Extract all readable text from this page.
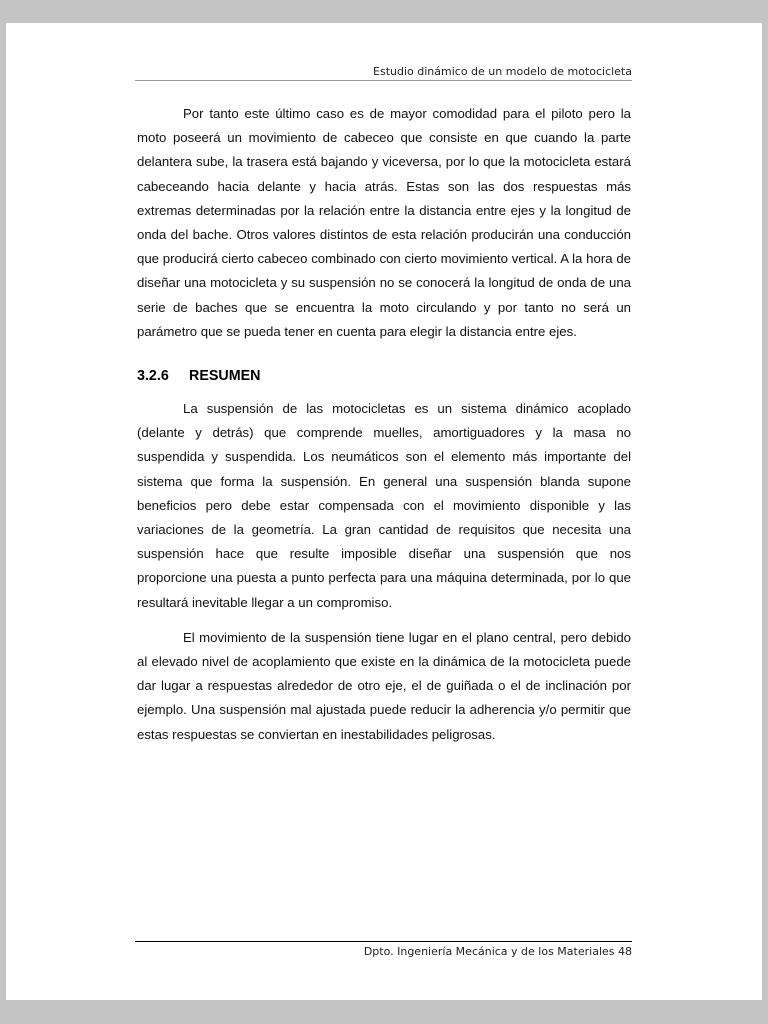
Estudio dinámico de un modelo de motocicleta

Por tanto este último caso es de mayor comodidad para el piloto pero la moto poseerá un movimiento de cabeceo que consiste en que cuando la parte delantera sube, la trasera está bajando y viceversa, por lo que la motocicleta estará cabeceando hacia delante y hacia atrás. Estas son las dos respuestas más extremas determinadas por la relación entre la distancia entre ejes y la longitud de onda del bache. Otros valores distintos de esta relación producirán una conducción que producirá cierto cabeceo combinado con cierto movimiento vertical. A la hora de diseñar una motocicleta y su suspensión no se conocerá la longitud de onda de una serie de baches que se encuentra la moto circulando y por tanto no será un parámetro que se pueda tener en cuenta para elegir la distancia entre ejes.

3.2.6 RESUMEN

La suspensión de las motocicletas es un sistema dinámico acoplado (delante y detrás) que comprende muelles, amortiguadores y la masa no suspendida y suspendida. Los neumáticos son el elemento más importante del sistema que forma la suspensión. En general una suspensión blanda supone beneficios pero debe estar compensada con el movimiento disponible y las variaciones de la geometría. La gran cantidad de requisitos que necesita una suspensión hace que resulte imposible diseñar una suspensión que nos proporcione una puesta a punto perfecta para una máquina determinada, por lo que resultará inevitable llegar a un compromiso.

El movimiento de la suspensión tiene lugar en el plano central, pero debido al elevado nivel de acoplamiento que existe en la dinámica de la motocicleta puede dar lugar a respuestas alrededor de otro eje, el de guiñada o el de inclinación por ejemplo. Una suspensión mal ajustada puede reducir la adherencia y/o permitir que estas respuestas se conviertan en inestabilidades peligrosas.

Dpto. Ingeniería Mecánica y de los Materiales 48
